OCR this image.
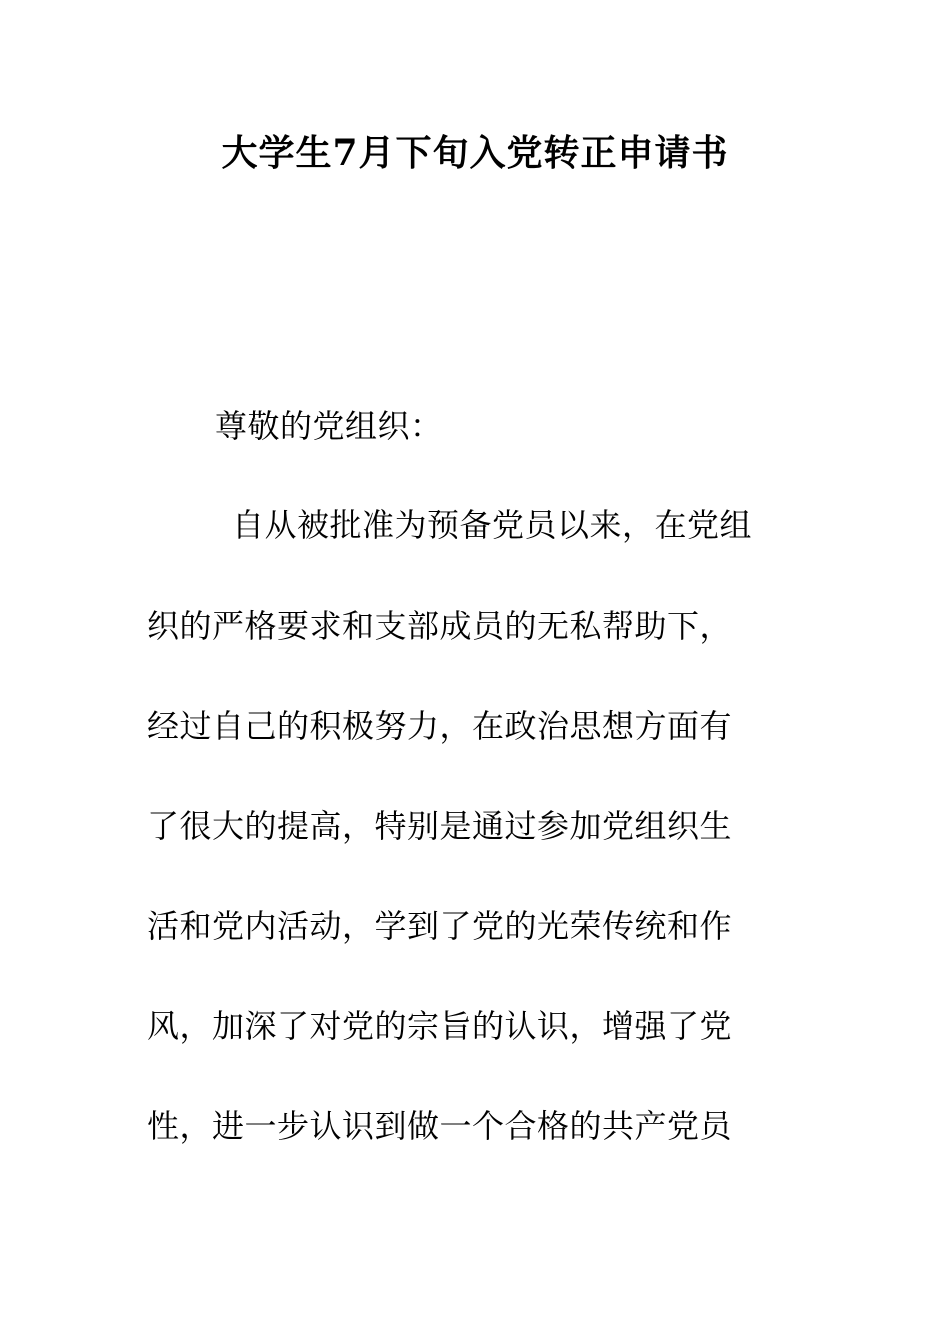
大学生7月下旬入党转正申请书
尊敬的党组织：
自从被批准为预备党员以来，在党组
织的严格要求和支部成员的无私帮助下，
经过自己的积极努力，在政治思想方面有
了很大的提高，特别是通过参加党组织生
活和党内活动，学到了党的光荣传统和作
风，加深了对党的宗旨的认识，增强了党
性，进一步认识到做一个合格的共产党员
